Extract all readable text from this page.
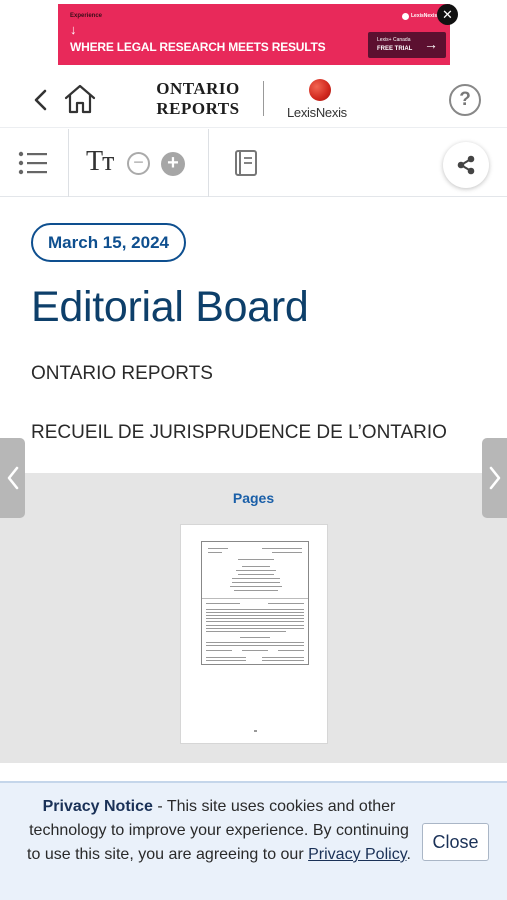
Experience
↓
WHERE LEGAL RESEARCH MEETS RESULTS
LexisNexis
Lexis+ Canada
FREE TRIAL →
✕
ONTARIO
REPORTS	LexisNexis
?
Tт	−	+
March 15, 2024
Editorial Board
ONTARIO REPORTS
RECUEIL DE JURISPRUDENCE DE L’ONTARIO
Pages
Privacy Notice - This site uses cookies and other technology to improve your experience. By continuing to use this site, you are agreeing to our Privacy Policy.
Close
